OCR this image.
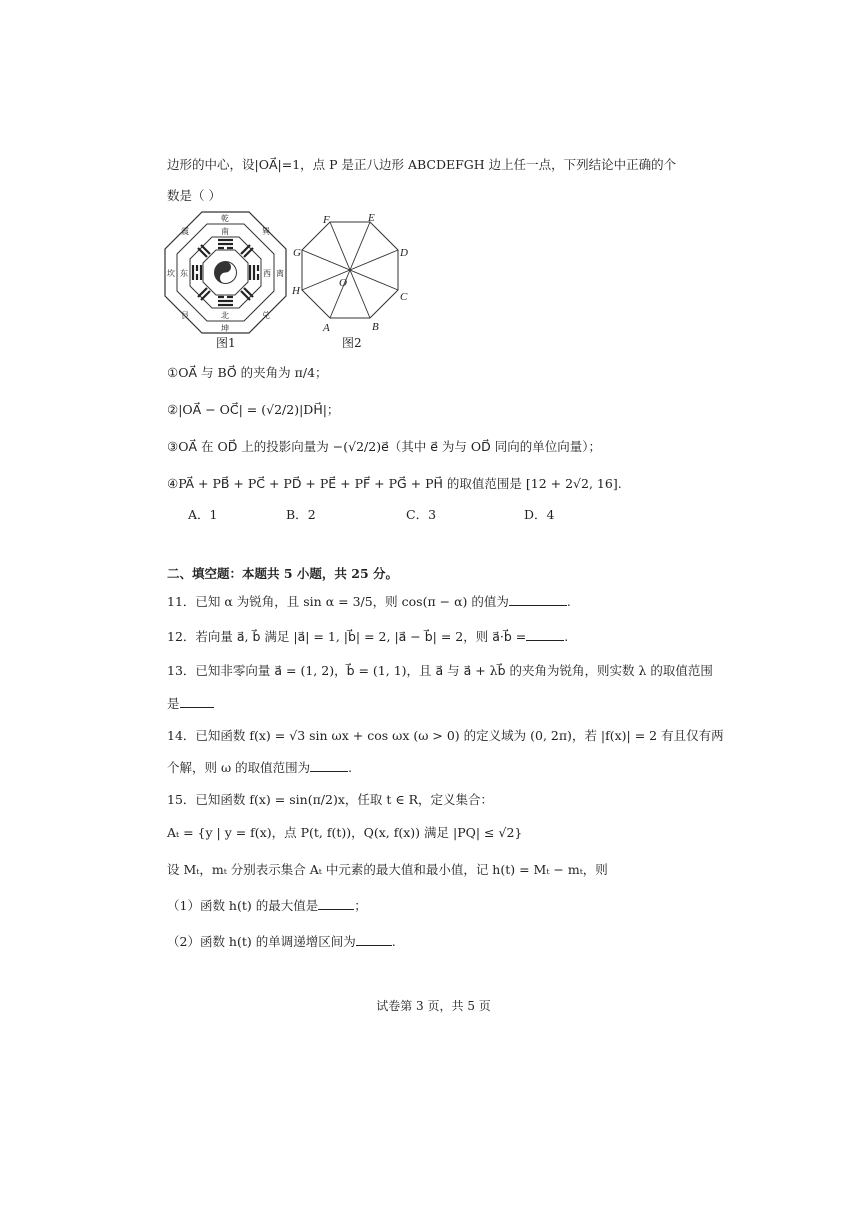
边形的中心，设|OA⃗|=1，点 P 是正八边形 ABCDEFGH 边上任一点，下列结论中正确的个
数是（ ）
乾
坤
坎	离
震	巽
艮	兑
南
北
东	西
图1
A	B
C
D
E
F
G
H
O
图2
①OA⃗ 与 BO⃗ 的夹角为 π/4；
②|OA⃗ − OC⃗| = (√2/2)|DH⃗|；
③OA⃗ 在 OD⃗ 上的投影向量为 −(√2/2)e⃗（其中 e⃗ 为与 OD⃗ 同向的单位向量）；
④PA⃗ + PB⃗ + PC⃗ + PD⃗ + PE⃗ + PF⃗ + PG⃗ + PH⃗ 的取值范围是 [12 + 2√2, 16].
A．1	B．2	C．3	D．4
二、填空题：本题共 5 小题，共 25 分。
11．已知 α 为锐角，且 sin α = 3/5，则 cos(π − α) 的值为	.
12．若向量 a⃗, b⃗ 满足 |a⃗| = 1, |b⃗| = 2, |a⃗ − b⃗| = 2，则 a⃗·b⃗ =	.
13．已知非零向量 a⃗ = (1, 2)，b⃗ = (1, 1)，且 a⃗ 与 a⃗ + λb⃗ 的夹角为锐角，则实数 λ 的取值范围
是
14．已知函数 f(x) = √3 sin ωx + cos ωx (ω > 0) 的定义域为 (0, 2π)，若 |f(x)| = 2 有且仅有两
个解，则 ω 的取值范围为	.
15．已知函数 f(x) = sin(π/2)x，任取 t ∈ R，定义集合：
Aₜ = {y | y = f(x)，点 P(t, f(t))，Q(x, f(x)) 满足 |PQ| ≤ √2}
设 Mₜ，mₜ 分别表示集合 Aₜ 中元素的最大值和最小值，记 h(t) = Mₜ − mₜ，则
（1）函数 h(t) 的最大值是	；
（2）函数 h(t) 的单调递增区间为	.
试卷第 3 页，共 5 页
